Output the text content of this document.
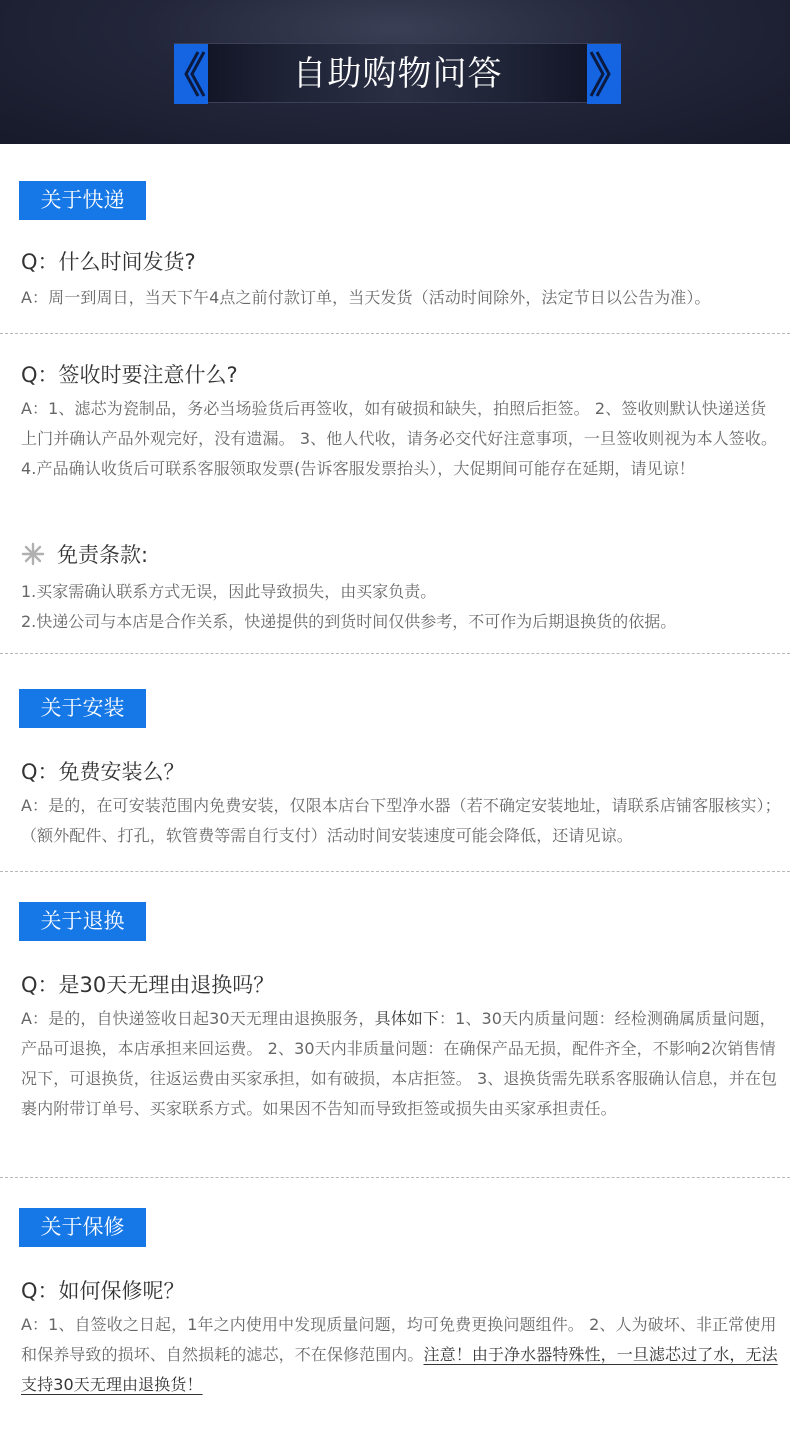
自助购物问答
关于快递
Q：什么时间发货?
A：周一到周日，当天下午4点之前付款订单，当天发货（活动时间除外，法定节日以公告为准）。
Q：签收时要注意什么?
A：1、滤芯为瓷制品，务必当场验货后再签收，如有破损和缺失，拍照后拒签。 2、签收则默认快递送货上门并确认产品外观完好，没有遗漏。 3、他人代收，请务必交代好注意事项，一旦签收则视为本人签收。 4.产品确认收货后可联系客服领取发票(告诉客服发票抬头），大促期间可能存在延期，请见谅！
免责条款:
1.买家需确认联系方式无误，因此导致损失，由买家负责。
2.快递公司与本店是合作关系，快递提供的到货时间仅供参考，不可作为后期退换货的依据。
关于安装
Q：免费安装么？
A：是的，在可安装范围内免费安装，仅限本店台下型净水器（若不确定安装地址，请联系店铺客服核实）；（额外配件、打孔，软管费等需自行支付）活动时间安装速度可能会降低，还请见谅。
关于退换
Q：是30天无理由退换吗？
A：是的，自快递签收日起30天无理由退换服务，具体如下：1、30天内质量问题：经检测确属质量问题，产品可退换，本店承担来回运费。 2、30天内非质量问题：在确保产品无损，配件齐全，不影响2次销售情况下，可退换货，往返运费由买家承担，如有破损，本店拒签。 3、退换货需先联系客服确认信息，并在包裹内附带订单号、买家联系方式。如果因不告知而导致拒签或损失由买家承担责任。
关于保修
Q：如何保修呢？
A：1、自签收之日起，1年之内使用中发现质量问题，均可免费更换问题组件。 2、人为破坏、非正常使用和保养导致的损坏、自然损耗的滤芯，不在保修范围内。注意！由于净水器特殊性，一旦滤芯过了水，无法支持30天无理由退换货！
